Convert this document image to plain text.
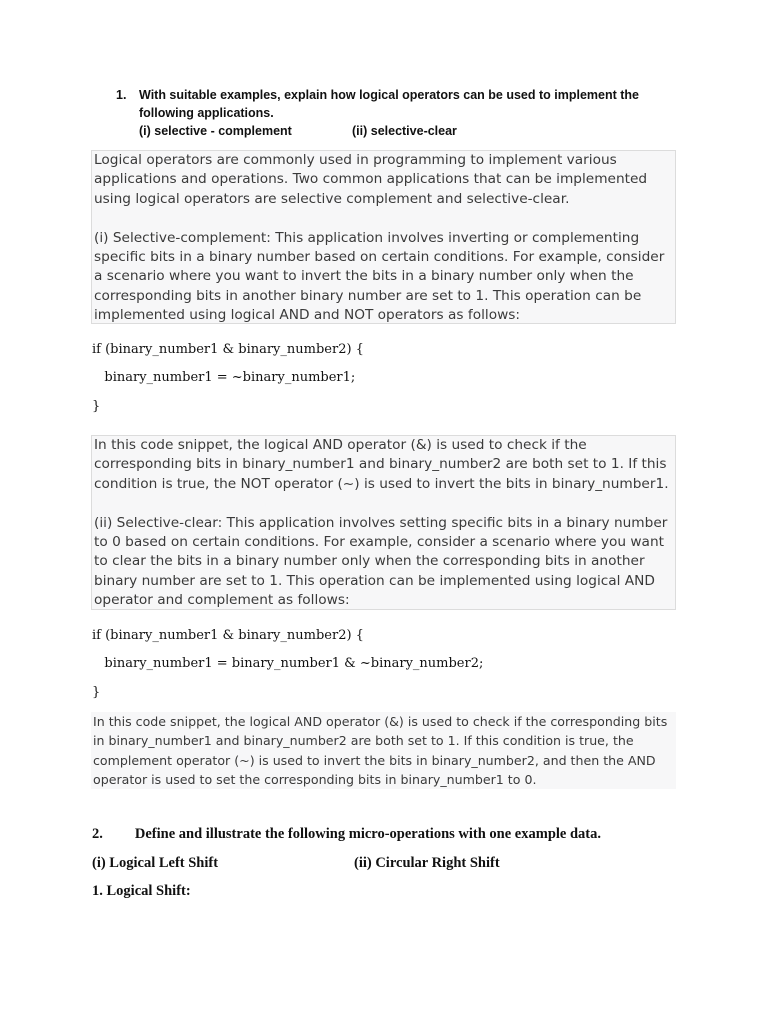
1. With suitable examples, explain how logical operators can be used to implement the following applications.
(i) selective - complement	(ii) selective-clear

Logical operators are commonly used in programming to implement various applications and operations. Two common applications that can be implemented using logical operators are selective complement and selective-clear.

(i) Selective-complement: This application involves inverting or complementing specific bits in a binary number based on certain conditions. For example, consider a scenario where you want to invert the bits in a binary number only when the corresponding bits in another binary number are set to 1. This operation can be implemented using logical AND and NOT operators as follows:

if (binary_number1 & binary_number2) {
binary_number1 = ~binary_number1;
}

In this code snippet, the logical AND operator (&) is used to check if the corresponding bits in binary_number1 and binary_number2 are both set to 1. If this condition is true, the NOT operator (~) is used to invert the bits in binary_number1.

(ii) Selective-clear: This application involves setting specific bits in a binary number to 0 based on certain conditions. For example, consider a scenario where you want to clear the bits in a binary number only when the corresponding bits in another binary number are set to 1. This operation can be implemented using logical AND operator and complement as follows:

if (binary_number1 & binary_number2) {
binary_number1 = binary_number1 & ~binary_number2;
}

In this code snippet, the logical AND operator (&) is used to check if the corresponding bits in binary_number1 and binary_number2 are both set to 1. If this condition is true, the complement operator (~) is used to invert the bits in binary_number2, and then the AND operator is used to set the corresponding bits in binary_number1 to 0.

2. Define and illustrate the following micro-operations with one example data.
(i) Logical Left Shift	(ii) Circular Right Shift
1. Logical Shift:
